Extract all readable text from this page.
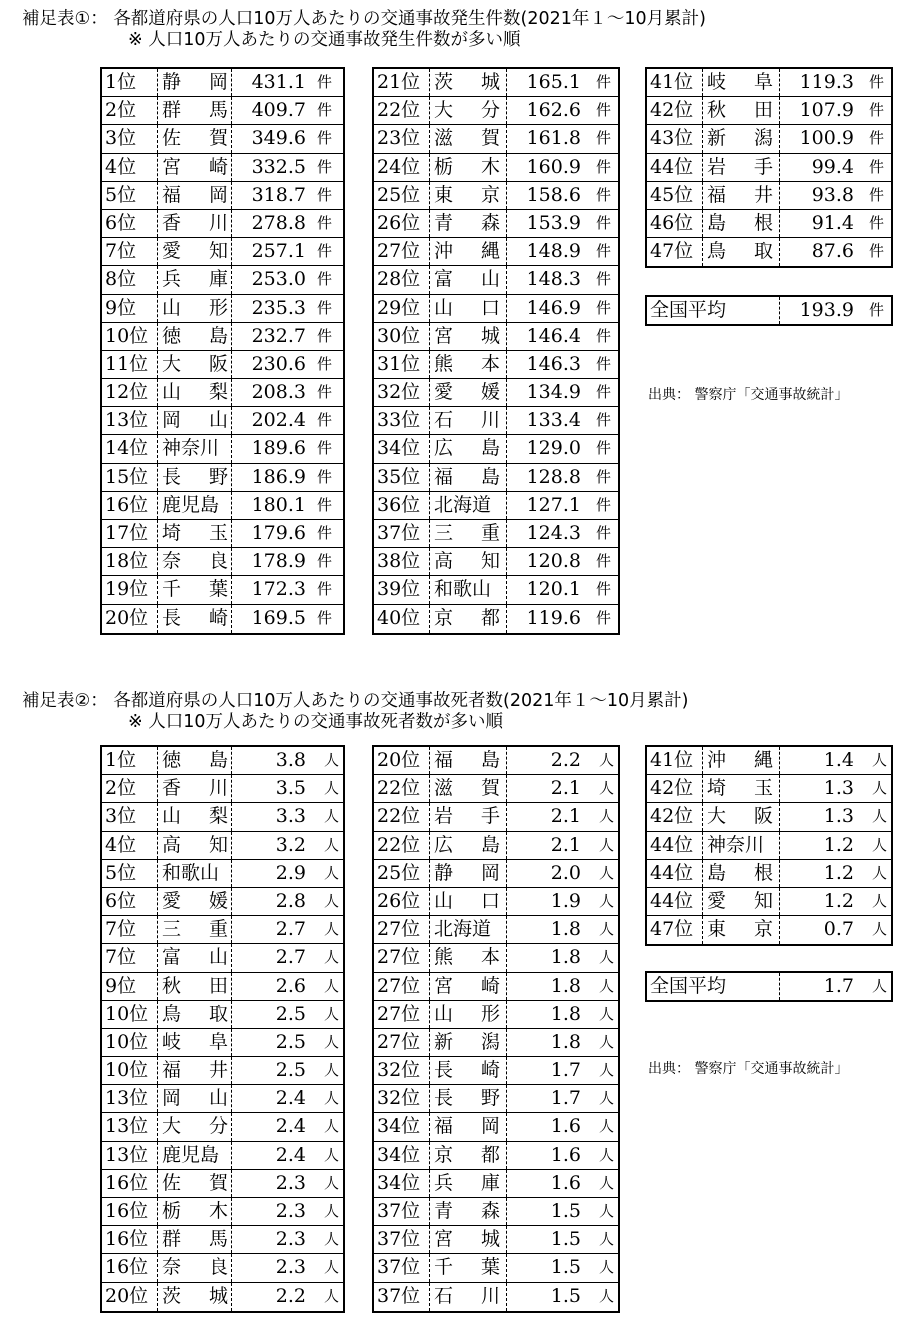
補足表①： 各都道府県の人口10万人あたりの交通事故発生件数(2021年１～10月累計)
※ 人口10万人あたりの交通事故発生件数が多い順
1位 静岡	431.1 件
2位 群馬	409.7 件
3位 佐賀	349.6 件
4位 宮崎	332.5 件
5位 福岡	318.7 件
6位 香川	278.8 件
7位 愛知	257.1 件
8位 兵庫	253.0 件
9位 山形	235.3 件
10位 徳島	232.7 件
11位 大阪	230.6 件
12位 山梨	208.3 件
13位 岡山	202.4 件
14位 神奈川	189.6 件
15位 長野	186.9 件
16位 鹿児島	180.1 件
17位 埼玉	179.6 件
18位 奈良	178.9 件
19位 千葉	172.3 件
20位 長崎	169.5 件
21位 茨城	165.1 件
22位 大分	162.6 件
23位 滋賀	161.8 件
24位 栃木	160.9 件
25位 東京	158.6 件
26位 青森	153.9 件
27位 沖縄	148.9 件
28位 富山	148.3 件
29位 山口	146.9 件
30位 宮城	146.4 件
31位 熊本	146.3 件
32位 愛媛	134.9 件
33位 石川	133.4 件
34位 広島	129.0 件
35位 福島	128.8 件
36位 北海道	127.1 件
37位 三重	124.3 件
38位 高知	120.8 件
39位 和歌山	120.1 件
40位 京都	119.6 件
41位 岐阜	119.3 件
42位 秋田	107.9 件
43位 新潟	100.9 件
44位 岩手	99.4 件
45位 福井	93.8 件
46位 島根	91.4 件
47位 鳥取	87.6 件
全国平均	193.9 件
出典： 警察庁「交通事故統計」
補足表②： 各都道府県の人口10万人あたりの交通事故死者数(2021年１～10月累計)
※ 人口10万人あたりの交通事故死者数が多い順
1位 徳島	3.8 人
2位 香川	3.5 人
3位 山梨	3.3 人
4位 高知	3.2 人
5位 和歌山	2.9 人
6位 愛媛	2.8 人
7位 三重	2.7 人
7位 富山	2.7 人
9位 秋田	2.6 人
10位 鳥取	2.5 人
10位 岐阜	2.5 人
10位 福井	2.5 人
13位 岡山	2.4 人
13位 大分	2.4 人
13位 鹿児島	2.4 人
16位 佐賀	2.3 人
16位 栃木	2.3 人
16位 群馬	2.3 人
16位 奈良	2.3 人
20位 茨城	2.2 人
20位 福島	2.2 人
22位 滋賀	2.1 人
22位 岩手	2.1 人
22位 広島	2.1 人
25位 静岡	2.0 人
26位 山口	1.9 人
27位 北海道	1.8 人
27位 熊本	1.8 人
27位 宮崎	1.8 人
27位 山形	1.8 人
27位 新潟	1.8 人
32位 長崎	1.7 人
32位 長野	1.7 人
34位 福岡	1.6 人
34位 京都	1.6 人
34位 兵庫	1.6 人
37位 青森	1.5 人
37位 宮城	1.5 人
37位 千葉	1.5 人
37位 石川	1.5 人
41位 沖縄	1.4 人
42位 埼玉	1.3 人
42位 大阪	1.3 人
44位 神奈川	1.2 人
44位 島根	1.2 人
44位 愛知	1.2 人
47位 東京	0.7 人
全国平均	1.7 人
出典： 警察庁「交通事故統計」
